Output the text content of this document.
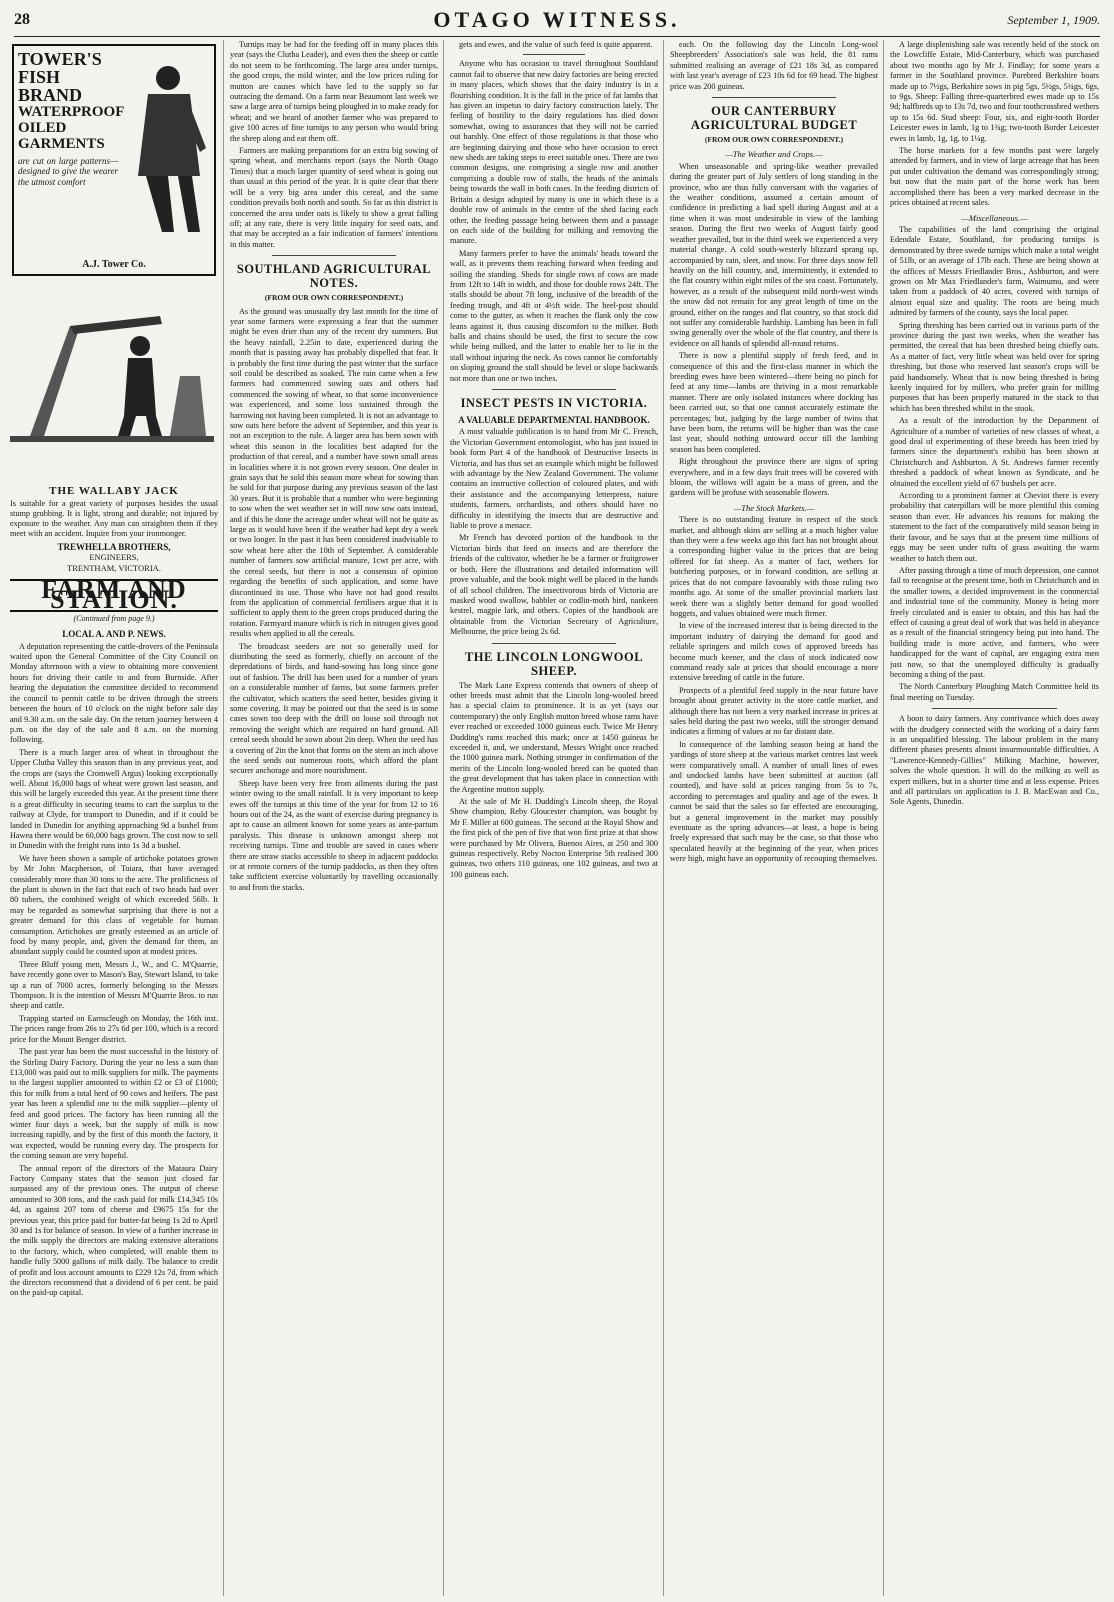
28	OTAGO WITNESS.	September 1, 1909.
TOWER'S FISH BRAND
WATERPROOF OILED GARMENTS
are cut on large patterns—designed to give the wearer the utmost comfort
A.J. Tower Co.
THE WALLABY JACK
Is suitable for a great variety of purposes besides the usual stump grubbing. It is light, strong and durable; not injured by exposure to the weather. Any man can straighten them if they meet with an accident. Inquire from your ironmonger.
TREWHELLA BROTHERS,
ENGINEERS,
TRENTHAM, VICTORIA.
FARM AND STATION.
(Continued from page 9.)
LOCAL A. AND P. NEWS.

A deputation representing the cattle-drovers of the Peninsula waited upon the General Committee of the City Council on Monday afternoon with a view to obtaining more convenient hours for driving their cattle to and from Burnside. After hearing the deputation the committee decided to recommend the council to permit cattle to be driven through the streets between the hours of 10 o'clock on the night before sale day and 9.30 a.m. on the sale day. On the return journey between 4 p.m. on the day of the sale and 8 a.m. on the morning following.

There is a much larger area of wheat in throughout the Upper Clutha Valley this season than in any previous year, and the crops are (says the Cromwell Argus) looking exceptionally well. About 16,000 bags of wheat were grown last season, and this will be largely exceeded this year. At the present time there is a great difficulty in securing teams to cart the surplus to the railway at Clyde, for transport to Dunedin, and if it could be landed in Dunedin for anything approaching 9d a bushel from Hawea there would be 60,000 bags grown. The cost now to sell in Dunedin with the freight runs into 1s 3d a bushel.

We have been shown a sample of artichoke potatoes grown by Mr John Macpherson, of Toiara, that have averaged considerably more than 30 tons to the acre. The prolificness of the plant is shown in the fact that each of two heads had over 80 tubers, the combined weight of which exceeded 56lb. It may be regarded as somewhat surprising that there is not a greater demand for this class of vegetable for human consumption. Artichokes are greatly esteemed as an article of food by many people, and, given the demand for them, an abundant supply could be counted upon at modest prices.

Three Bluff young men, Messrs J., W., and C. M'Quarrie, have recently gone over to Mason's Bay, Stewart Island, to take up a run of 7000 acres, formerly belonging to the Messrs Thompson. It is the intention of Messrs M'Quarrie Bros. to run sheep and cattle.

Trapping started on Earnscleugh on Monday, the 16th inst. The prices range from 26s to 27s 6d per 100, which is a record price for the Mount Benger district.

The past year has been the most successful in the history of the Stirling Dairy Factory. During the year no less a sum than £13,000 was paid out to milk suppliers for milk. The payments to the largest supplier amounted to within £2 or £3 of £1000; this for milk from a total herd of 90 cows and heifers. The past year has been a splendid one to the milk supplier—plenty of feed and good prices. The factory has been running all the winter four days a week, but the supply of milk is now increasing rapidly, and by the first of this month the factory, it was expected, would be running every day. The prospects for the coming season are very hopeful.

The annual report of the directors of the Mataura Dairy Factory Company states that the season just closed far surpassed any of the previous ones. The output of cheese amounted to 308 tons, and the cash paid for milk £14,345 10s 4d, as against 207 tons of cheese and £9675 15s for the previous year, this price paid for butter-fat being 1s 2d to April 30 and 1s for balance of season. In view of a further increase in the milk supply the directors are making extensive alterations to the factory, which, when completed, will enable them to handle fully 5000 gallons of milk daily. The balance to credit of profit and loss account amounts to £229 12s 7d, from which the directors recommend that a dividend of 6 per cent. be paid on the paid-up capital.

Turnips may be had for the feeding off in many places this year (says the Clutha Leader), and even then the sheep or cattle do not seem to be forthcoming. The large area under turnips, the good crops, the mild winter, and the low prices ruling for mutton are causes which have led to the supply so far outracing the demand. On a farm near Beaumont last week we saw a large area of turnips being ploughed in to make ready for wheat; and we heard of another farmer who was prepared to give 100 acres of fine turnips to any person who would bring the sheep along and eat them off.

Farmers are making preparations for an extra big sowing of spring wheat, and merchants report (says the North Otago Times) that a much larger quantity of seed wheat is going out than usual at this period of the year. It is quite clear that there will be a very big area under this cereal, and the same condition prevails both north and south. So far as this district is concerned the area under oats is likely to show a great falling off; at any rate, there is very little inquiry for seed oats, and that may be accepted as a fair indication of farmers' intentions in this matter.

SOUTHLAND AGRICULTURAL NOTES.
(FROM OUR OWN CORRESPONDENT.)

As the ground was unusually dry last month for the time of year some farmers were expressing a fear that the summer might be even drier than any of the recent dry summers. But the heavy rainfall, 2.25in to date, experienced during the month that is passing away has probably dispelled that fear. It is probably the first time during the past winter that the surface soil could be described as soaked. The rain came when a few farmers had commenced sowing oats and others had commenced the sowing of wheat, so that some inconvenience was experienced, and some loss sustained through the harrowing not having been completed. It is not an advantage to sow oats here before the advent of September, and this year is not an exception to the rule. A larger area has been sown with wheat this season in the localities best adapted for the production of that cereal, and a number have sown small areas in localities where it is not grown every season. One dealer in grain says that he sold this season more wheat for sowing than he sold for that purpose during any previous season of the last 30 years. But it is probable that a number who were beginning to sow when the wet weather set in will now sow oats instead, and if this be done the acreage under wheat will not be quite as large as it would have been if the weather had kept dry a week or two longer. In the past it has been considered inadvisable to sow wheat here after the 10th of September. A considerable number of farmers sow artificial manure, 1cwt per acre, with the cereal seeds, but there is not a consensus of opinion regarding the benefits of such application, and some have discontinued its use. Those who have not had good results from the application of commercial fertilisers argue that it is sufficient to apply them to the green crops produced during the rotation. Farmyard manure which is rich in nitrogen gives good results when applied to all the cereals.

The broadcast seeders are not so generally used for distributing the seed as formerly, chiefly on account of the depredations of birds, and hand-sowing has long since gone out of fashion. The drill has been used for a number of years on a considerable number of farms, but some farmers prefer the cultivator, which scatters the seed better, besides giving it some covering. It may be pointed out that the seed is in some cases sown too deep with the drill on loose soil through not removing the weight which are required on hard ground. All cereal seeds should be sown about 2in deep. When the seed has a covering of 2in the knot that forms on the stem an inch above the seed sends out numerous roots, which afford the plant securer anchorage and more nourishment.

Sheep have been very free from ailments during the past winter owing to the small rainfall. It is very important to keep ewes off the turnips at this time of the year for from 12 to 16 hours out of the 24, as the want of exercise during pregnancy is apt to cause an ailment known for some years as ante-partum paralysis. This disease is unknown amongst sheep not receiving turnips. Time and trouble are saved in cases where there are straw stacks accessible to sheep in adjacent paddocks or at remote corners of the turnip paddocks, as then they often take sufficient exercise voluntarily by travelling occasionally to and from the stacks.

gets and ewes, and the value of such feed is quite apparent.

Anyone who has occasion to travel throughout Southland cannot fail to observe that new dairy factories are being erected in many places, which shows that the dairy industry is in a flourishing condition. It is the fall in the price of fat lambs that has given an impetus to dairy factory construction lately. The feeling of hostility to the dairy regulations has died down somewhat, owing to assurances that they will not be carried out harshly. One effect of those regulations is that those who are beginning dairying and those who have occasion to erect new sheds are taking steps to erect suitable ones. There are two common designs, one comprising a single row and another comprising a double row of stalls, the heads of the animals being towards the wall in both cases. In the feeding districts of Britain a design adopted by many is one in which there is a double row of animals in the centre of the shed facing each other, the feeding passage being between them and a passage on each side of the building for milking and removing the manure.

Many farmers prefer to have the animals' heads toward the wall, as it prevents them reaching forward when feeding and soiling the standing. Sheds for single rows of cows are made from 12ft to 14ft in width, and those for double rows 24ft. The stalls should be about 7ft long, inclusive of the breadth of the feeding trough, and 4ft or 4½ft wide. The heel-post should come to the gutter, as when it reaches the flank only the cow leans against it, thus causing discomfort to the milker. Both balls and chains should be used, the first to secure the cow while being milked, and the latter to enable her to lie in the stall without injuring the neck. As cows cannot lie comfortably on sloping ground the stall should be level or slope backwards not more than one or two inches.

INSECT PESTS IN VICTORIA.
A VALUABLE DEPARTMENTAL HANDBOOK.

A most valuable publication is to hand from Mr C. French, the Victorian Government entomologist, who has just issued in book form Part 4 of the handbook of Destructive Insects in Victoria, and has thus set an example which might be followed with advantage by the New Zealand Government. The volume contains an instructive collection of coloured plates, and with their assistance and the accompanying letterpress, nature students, farmers, orchardists, and others should have no difficulty in identifying the insects that are destructive and liable to prove a menace.

Mr French has devoted portion of the handbook to the Victorian birds that feed on insects and are therefore the friends of the cultivator, whether he be a farmer or fruitgrower or both. Here the illustrations and detailed information will prove valuable, and the book might well be placed in the hands of all school children. The insectivorous birds of Victoria are masked wood swallow, babbler or codlin-moth bird, nankeen kestrel, magpie lark, and others. Copies of the handbook are obtainable from the Victorian Secretary of Agriculture, Melbourne, the price being 2s 6d.

THE LINCOLN LONGWOOL SHEEP.

The Mark Lane Express contends that owners of sheep of other breeds must admit that the Lincoln long-wooled breed has a special claim to prominence. It is as yet (says our contemporary) the only English mutton breed whose rams have ever reached or exceeded 1000 guineas each. Twice Mr Henry Dudding's rams reached this mark; once at 1450 guineas he exceeded it, and, we understand, Messrs Wright once reached the 1000 guinea mark. Nothing stronger in confirmation of the merits of the Lincoln long-wooled breed can be quoted than the great development that has taken place in connection with the Argentine mutton supply.

At the sale of Mr H. Dudding's Lincoln sheep, the Royal Show champion, Reby Gloucester champion, was bought by Mr F. Miller at 600 guineas. The second at the Royal Show and the first pick of the pen of five that won first prize at that show were purchased by Mr Olivera, Buenos Aires, at 250 and 300 guineas respectively. Reby Nocton Enterprise 5th realised 300 guineas, two others 110 guineas, one 102 guineas, and two at 100 guineas each.

each. On the following day the Lincoln Long-wool Sheepbreeders' Association's sale was held, the 81 rams submitted realising an average of £21 18s 3d, as compared with last year's average of £23 10s 6d for 69 head. The highest price was 200 guineas.

OUR CANTERBURY AGRICULTURAL BUDGET
(FROM OUR OWN CORRESPONDENT.)
—The Weather and Crops.—

When unseasonable and spring-like weather prevailed during the greater part of July settlers of long standing in the province, who are thus fully conversant with the vagaries of the weather conditions, assumed a certain amount of confidence in predicting a bad spell during August and at a time when it was most undesirable in view of the lambing season. During the first two weeks of August fairly good weather prevailed, but in the third week we experienced a very material change. A cold south-westerly blizzard sprang up, accompanied by rain, sleet, and snow. For three days snow fell heavily on the hill country, and, intermittently, it extended to the flat country within eight miles of the sea coast. Fortunately, however, as a result of the subsequent mild north-west winds the snow did not remain for any great length of time on the ground, either on the ranges and flat country, so that stock did not suffer any considerable hardship. Lambing has been in full swing generally over the whole of the flat country, and there is evidence on all hands of splendid all-round returns.

There is now a plentiful supply of fresh feed, and in consequence of this and the first-class manner in which the breeding ewes have been wintered—there being no pinch for feed at any time—lambs are thriving in a most remarkable manner. There are only isolated instances where docking has been carried out, so that one cannot accurately estimate the percentages; but, judging by the large number of twins that have been born, the returns will be higher than was the case last year, should nothing untoward occur till the lambing season has been completed.

Right throughout the province there are signs of spring everywhere, and in a few days fruit trees will be covered with bloom, the willows will again be a mass of green, and the gardens will be profuse with seasonable flowers.

—The Stock Markets.—

There is no outstanding feature in respect of the stock market, and although skins are selling at a much higher value than they were a few weeks ago this fact has not brought about a corresponding higher value in the prices that are being offered for fat sheep. As a matter of fact, wethers for butchering purposes, or in forward condition, are selling at prices that do not compare favourably with those ruling two months ago. At some of the smaller provincial markets last week there was a slightly better demand for good woolled hoggets, and values obtained were much firmer.

In view of the increased interest that is being directed to the important industry of dairying the demand for good and reliable springers and milch cows of approved breeds has become much keener, and the class of stock indicated now command ready sale at prices that should encourage a more extensive breeding of cattle in the future.

Prospects of a plentiful feed supply in the near future have brought about greater activity in the store cattle market, and although there has not been a very marked increase in prices at sales held during the past two weeks, still the stronger demand indicates a firming of values at no far distant date.

In consequence of the lambing season being at hand the yardings of store sheep at the various market centres last week were comparatively small. A number of small lines of ewes and undocked lambs have been submitted at auction (all counted), and have sold at prices ranging from 5s to 7s, according to percentages and quality and age of the ewes. It cannot be said that the sales so far effected are encouraging, but a general improvement in the market may possibly eventuate as the spring advances—at least, a hope is being freely expressed that such may be the case, so that those who speculated heavily at the beginning of the year, when prices were high, might have an opportunity of recouping themselves.

A large displenishing sale was recently held of the stock on the Lowcliffe Estate, Mid-Canterbury, which was purchased about two months ago by Mr J. Findlay; for some years a farmer in the Southland province. Purebred Berkshire boars made up to 7½gs, Berkshire sows in pig 5gs, 5½gs, 5¾gs, 6gs, to 9gs. Sheep: Falling three-quarterbred ewes made up to 15s 9d; halfbreds up to 13s 7d, two and four toothcrossbred wethers up to 15s 6d. Stud sheep: Four, six, and eight-tooth Border Leicester ewes in lamb, 1g to 1¾g; two-tooth Border Leicester ewes in lamb, 1g, 1g, to 1¼g.

The horse markets for a few months past were largely attended by farmers, and in view of large acreage that has been put under cultivation the demand was correspondingly strong; but now that the main part of the horse work has been accomplished there has been a very marked decrease in the prices obtained at recent sales.

—Miscellaneous.—

The capabilities of the land comprising the original Edendale Estate, Southland, for producing turnips is demonstrated by three swede turnips which make a total weight of 51lb, or an average of 17lb each. These are being shown at the offices of Messrs Friedlander Bros., Ashburton, and were grown on Mr Max Friedlander's farm, Waimumu, and were taken from a paddock of 40 acres, covered with turnips of almost equal size and quality. The roots are being much admired by farmers of the county, says the local paper.

Spring threshing has been carried out in various parts of the province during the past two weeks, when the weather has permitted, the cereal that has been threshed being chiefly oats. As a matter of fact, very little wheat was held over for spring threshing, but those who reserved last season's crops will be paid handsomely. Wheat that is now being threshed is being keenly inquired for by millers, who prefer grain for milling purposes that has been properly matured in the stack to that which has been threshed whilst in the stook.

As a result of the introduction by the Department of Agriculture of a number of varieties of new classes of wheat, a good deal of experimenting of these breeds has been tried by farmers since the department's exhibit has been shown at Christchurch and Ashburton. A St. Andrews farmer recently threshed a paddock of wheat known as Syndicate, and he obtained the excellent yield of 67 bushels per acre.

According to a prominent farmer at Cheviot there is every probability that caterpillars will be more plentiful this coming season than ever. He advances his reasons for making the statement to the fact of the comparatively mild season being in their favour, and he says that at the present time millions of eggs may be seen under tufts of grass awaiting the warm weather to hatch them out.

After passing through a time of much depression, one cannot fail to recognise at the present time, both in Christchurch and in the smaller towns, a decided improvement in the commercial and industrial tone of the community. Money is being more freely circulated and is easier to obtain, and this has had the effect of causing a great deal of work that was held in abeyance as a result of the financial stringency being put into hand. The building trade is more active, and farmers, who were handicapped for the want of capital, are engaging extra men just now, so that the unemployed difficulty is gradually becoming a thing of the past.

The North Canterbury Ploughing Match Committee held its final meeting on Tuesday.

A boon to dairy farmers. Any contrivance which does away with the drudgery connected with the working of a dairy farm is an unqualified blessing. The labour problem in the many different phases presents almost insurmountable difficulties. A "Lawrence-Kennedy-Gillies" Milking Machine, however, solves the whole question. It will do the milking as well as expert milkers, but in a shorter time and at less expense. Prices and all particulars on application to J. B. MacEwan and Co., Sole Agents, Dunedin.
